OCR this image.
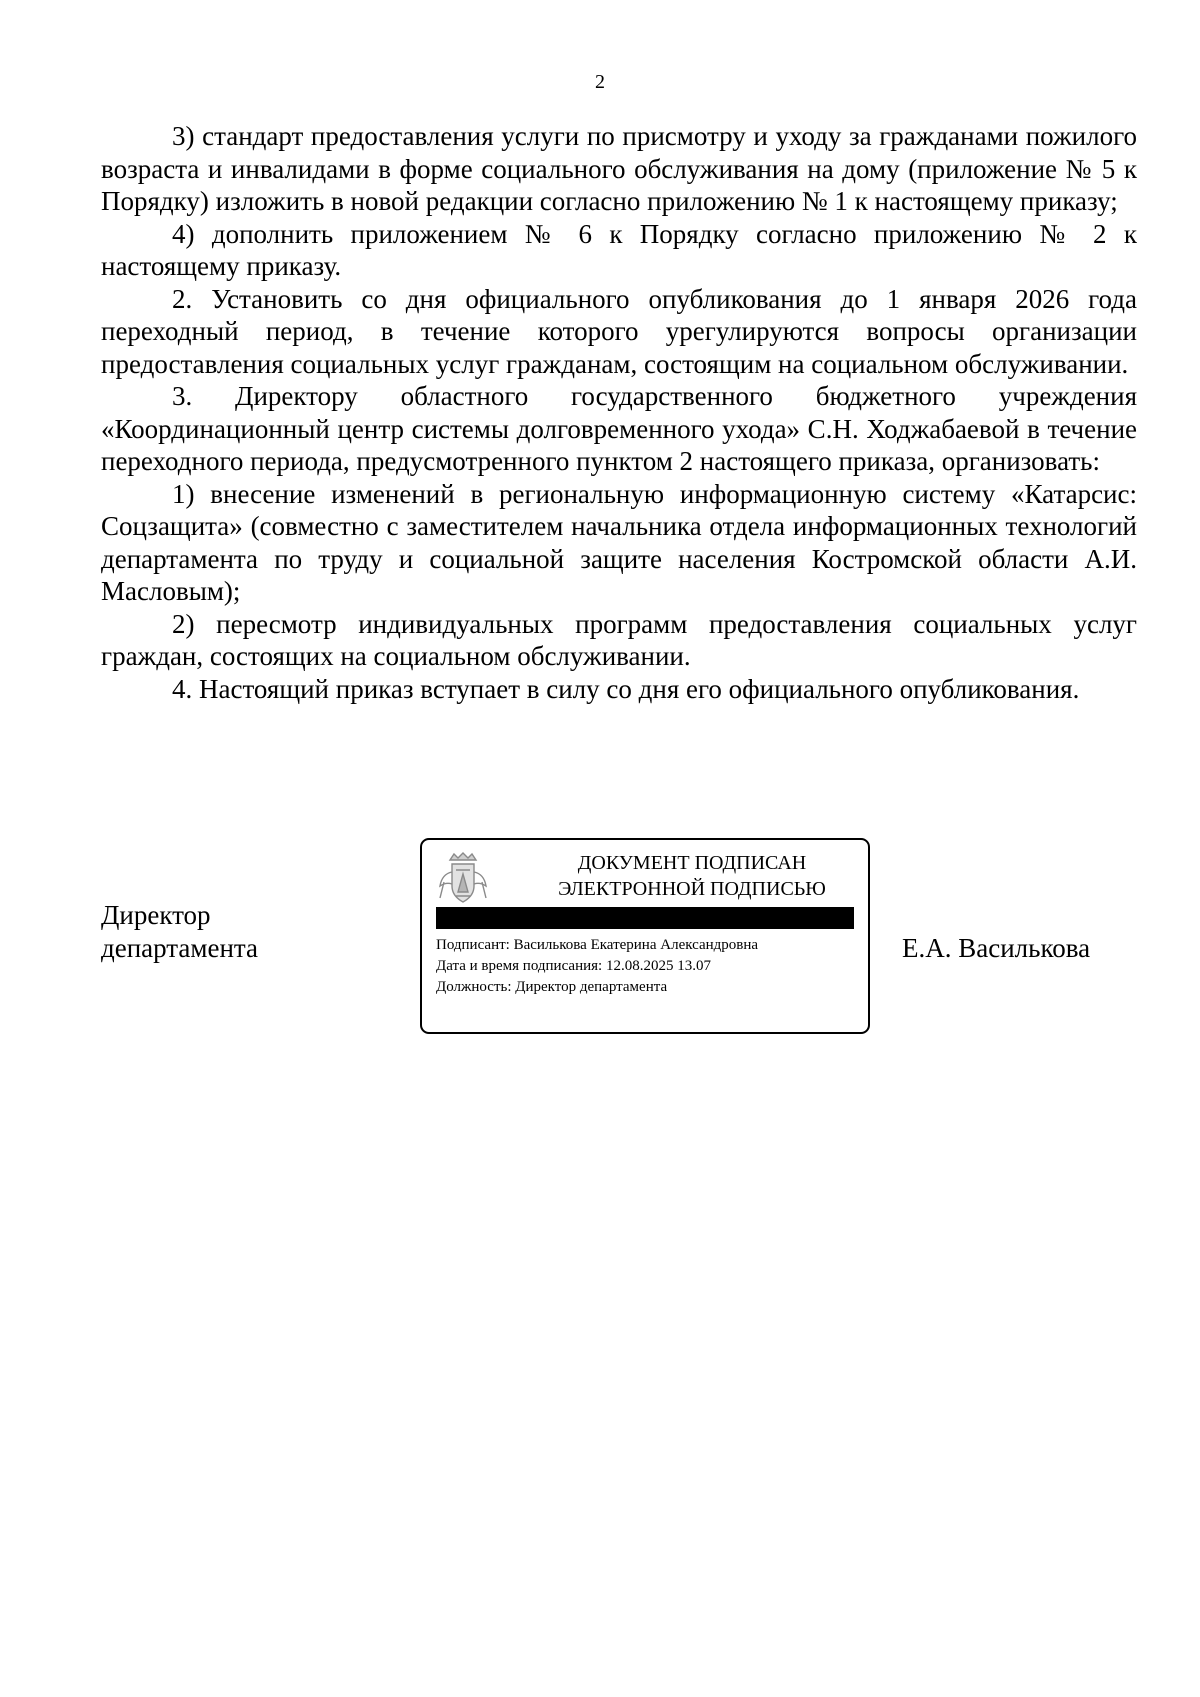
2

3) стандарт предоставления услуги по присмотру и уходу за гражданами пожилого возраста и инвалидами в форме социального обслуживания на дому (приложение № 5 к Порядку) изложить в новой редакции согласно приложению № 1 к настоящему приказу;

4) дополнить приложением № 6 к Порядку согласно приложению № 2 к настоящему приказу.

2. Установить со дня официального опубликования до 1 января 2026 года переходный период, в течение которого урегулируются вопросы организации предоставления социальных услуг гражданам, состоящим на социальном обслуживании.

3. Директору областного государственного бюджетного учреждения «Координационный центр системы долговременного ухода» С.Н. Ходжабаевой в течение переходного периода, предусмотренного пунктом 2 настоящего приказа, организовать:

1) внесение изменений в региональную информационную систему «Катарсис: Соцзащита» (совместно с заместителем начальника отдела информационных технологий департамента по труду и социальной защите населения Костромской области А.И. Масловым);

2) пересмотр индивидуальных программ предоставления социальных услуг граждан, состоящих на социальном обслуживании.

4. Настоящий приказ вступает в силу со дня его официального опубликования.

Директор
департамента
ДОКУМЕНТ ПОДПИСАН
ЭЛЕКТРОННОЙ ПОДПИСЬЮ
Подписант: Василькова Екатерина Александровна
Дата и время подписания: 12.08.2025 13.07
Должность: Директор департамента
Е.А. Василькова
